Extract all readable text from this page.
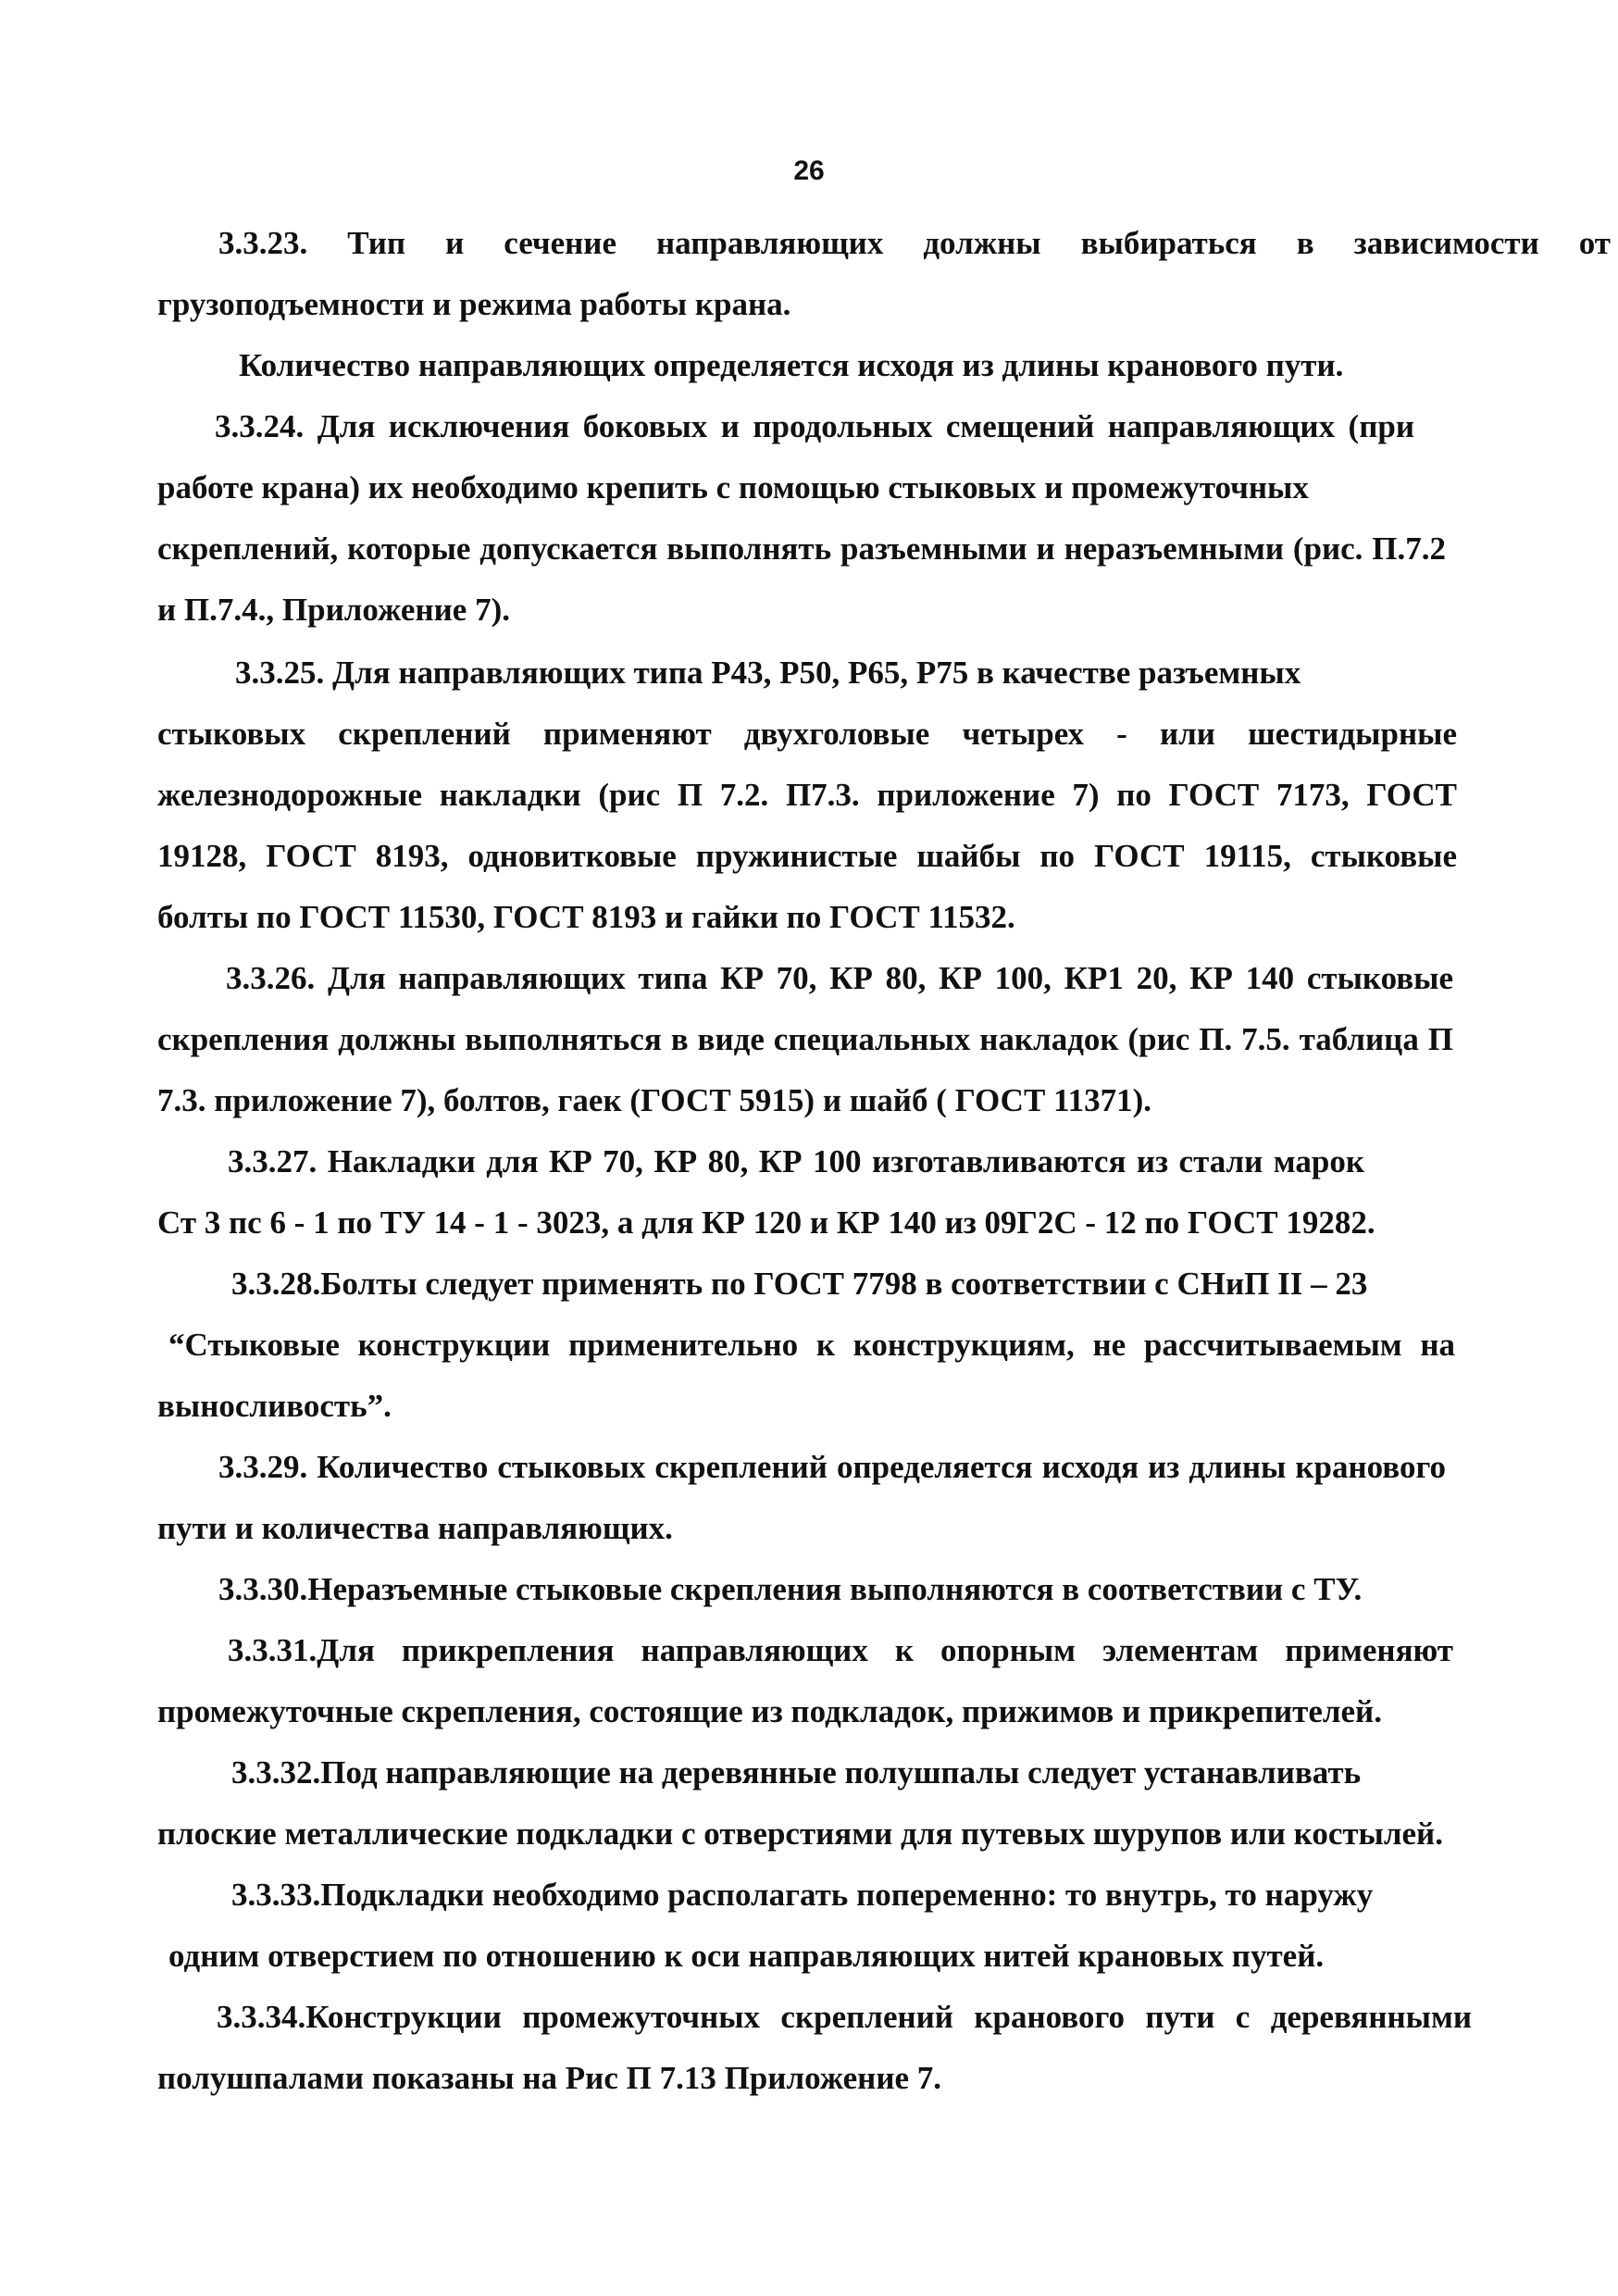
26
3.3.23. Тип и сечение направляющих должны выбираться в зависимости от
грузоподъемности и режима работы крана.
Количество направляющих определяется исходя из длины кранового пути.
3.3.24. Для исключения боковых и продольных смещений направляющих (при
работе крана) их необходимо крепить с помощью стыковых и промежуточных
скреплений, которые допускается выполнять разъемными и неразъемными (рис. П.7.2
и П.7.4., Приложение 7).
3.3.25. Для направляющих типа Р43, Р50, Р65, Р75 в качестве разъемных
стыковых скреплений применяют двухголовые четырех - или шестидырные
железнодорожные накладки (рис П 7.2. П7.3. приложение 7) по ГОСТ 7173, ГОСТ
19128, ГОСТ 8193, одновитковые пружинистые шайбы по ГОСТ 19115, стыковые
болты по ГОСТ 11530, ГОСТ 8193 и гайки по ГОСТ 11532.
3.3.26. Для направляющих типа КР 70, КР 80, КР 100, КР1 20, КР 140 стыковые
скрепления должны выполняться в виде специальных накладок (рис П. 7.5. таблица П
7.3. приложение 7), болтов, гаек (ГОСТ 5915) и шайб ( ГОСТ 11371).
3.3.27. Накладки для КР 70, КР 80, КР 100 изготавливаются из стали марок
Ст 3 пс 6 - 1 по ТУ 14 - 1 - 3023, а для КР 120 и КР 140 из 09Г2С - 12 по ГОСТ 19282.
3.3.28.Болты следует применять по ГОСТ 7798 в соответствии с СНиП II – 23
“Стыковые конструкции применительно к конструкциям, не рассчитываемым на
выносливость”.
3.3.29. Количество стыковых скреплений определяется исходя из длины кранового
пути и количества направляющих.
3.3.30.Неразъемные стыковые скрепления выполняются в соответствии с ТУ.
3.3.31.Для прикрепления направляющих к опорным элементам применяют
промежуточные скрепления, состоящие из подкладок, прижимов и прикрепителей.
3.3.32.Под направляющие на деревянные полушпалы следует устанавливать
плоские металлические подкладки с отверстиями для путевых шурупов или костылей.
3.3.33.Подкладки необходимо располагать попеременно: то внутрь, то наружу
одним отверстием по отношению к оси направляющих нитей крановых путей.
3.3.34.Конструкции промежуточных скреплений кранового пути с деревянными
полушпалами показаны на Рис П 7.13 Приложение 7.
